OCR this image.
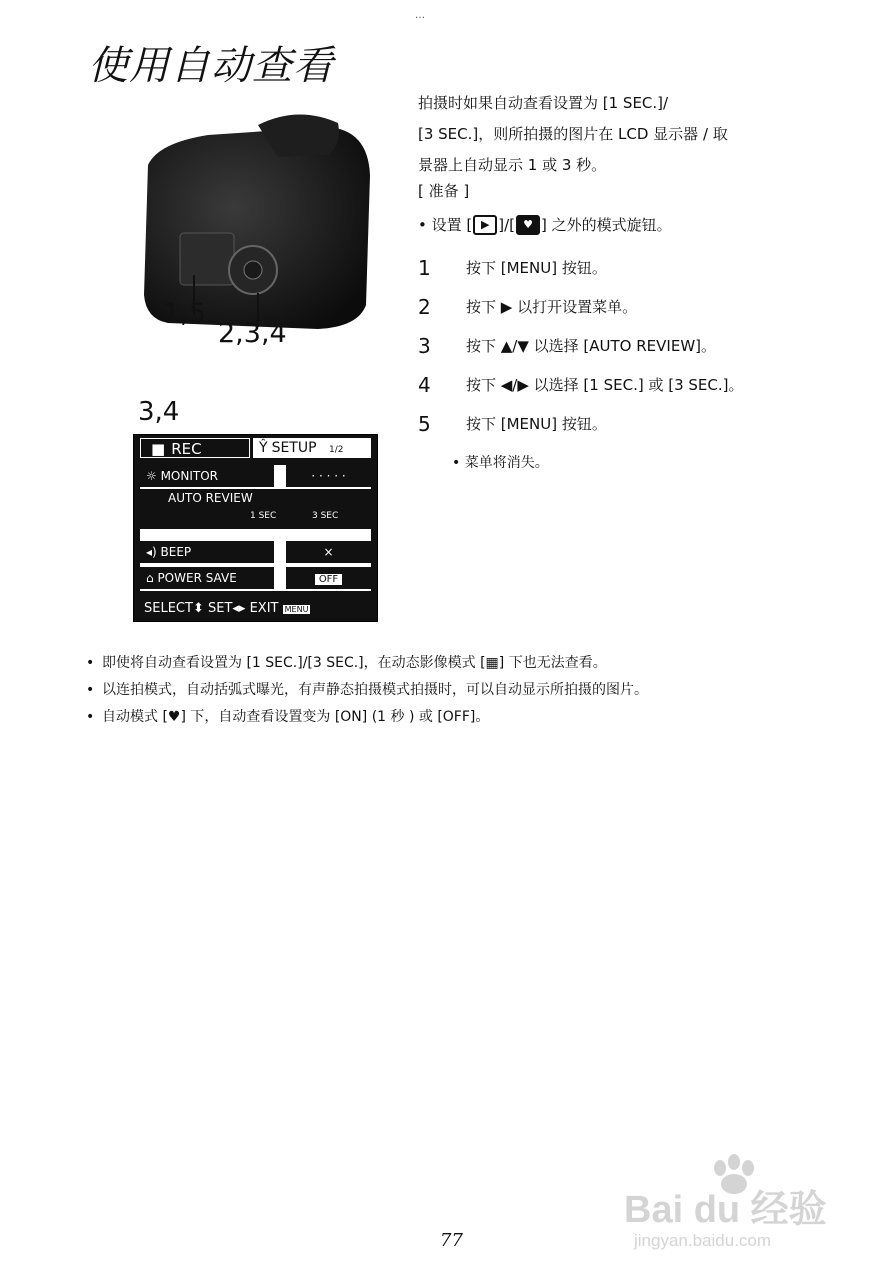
…
使用自动查看
1,5
2,3,4
拍摄时如果自动查看设置为 [1 SEC.]/
[3 SEC.]，则所拍摄的图片在 LCD 显示器 / 取
景器上自动显示 1 或 3 秒。
[ 准备 ]
• 设置 [ ▶ ]/[ ♥ ] 之外的模式旋钮。
1	按下 [MENU] 按钮。
2	按下 ▶ 以打开设置菜单。
3	按下 ▲/▼ 以选择 [AUTO REVIEW]。
4	按下 ◀/▶ 以选择 [1 SEC.] 或 [3 SEC.]。
5	按下 [MENU] 按钮。
• 菜单将消失。
3,4
■ REC	Ŷ SETUP 1/2
☼ MONITOR	· · · · ·
AUTO REVIEW
1 SEC	3 SEC
◂) BEEP	×
⌂ POWER SAVE	OFF
SELECT⬍ SET◂▸ EXIT MENU
• 即使将自动查看设置为 [1 SEC.]/[3 SEC.]，在动态影像模式 [▦] 下也无法查看。
• 以连拍模式，自动括弧式曝光，有声静态拍摄模式拍摄时，可以自动显示所拍摄的图片。
• 自动模式 [♥] 下，自动查看设置变为 [ON] (1 秒 ) 或 [OFF]。
Bai du 经验
jingyan.baidu.com
77
